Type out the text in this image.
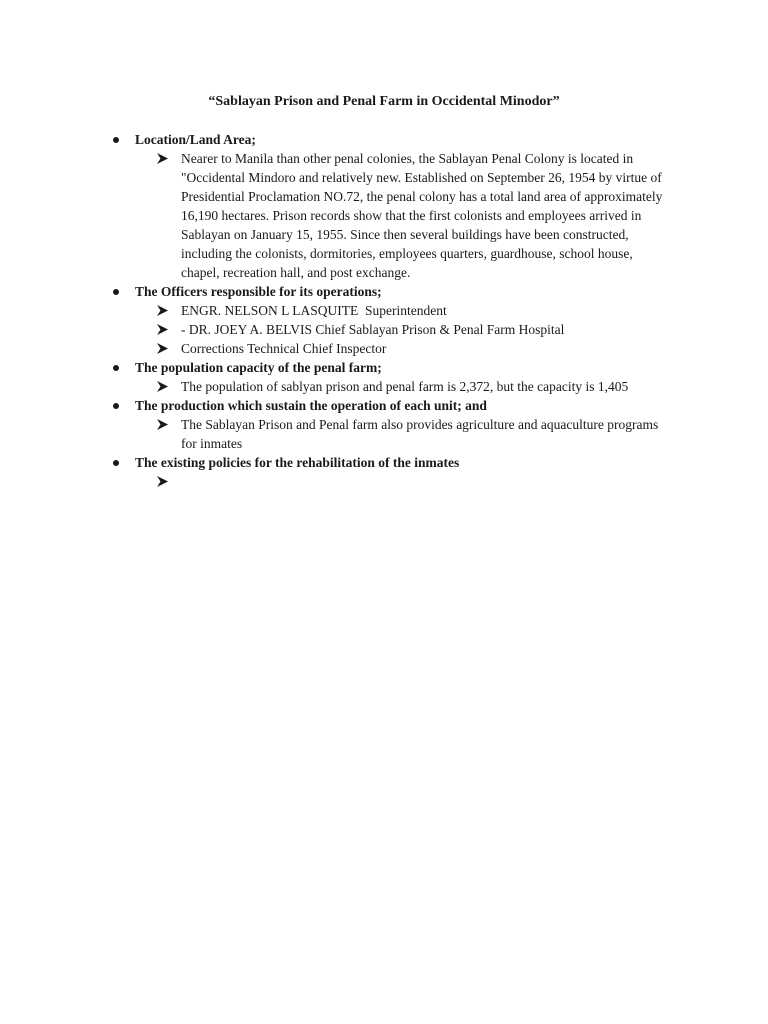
“Sablayan Prison and Penal Farm in Occidental Minodor”
Location/Land Area;
Nearer to Manila than other penal colonies, the Sablayan Penal Colony is located in "Occidental Mindoro and relatively new. Established on September 26, 1954 by virtue of Presidential Proclamation NO.72, the penal colony has a total land area of approximately 16,190 hectares. Prison records show that the first colonists and employees arrived in Sablayan on January 15, 1955. Since then several buildings have been constructed, including the colonists, dormitories, employees quarters, guardhouse, school house, chapel, recreation hall, and post exchange.
The Officers responsible for its operations;
ENGR. NELSON L LASQUITE  Superintendent
- DR. JOEY A. BELVIS Chief Sablayan Prison & Penal Farm Hospital
Corrections Technical Chief Inspector
The population capacity of the penal farm;
The population of sablyan prison and penal farm is 2,372, but the capacity is 1,405
The production which sustain the operation of each unit; and
The Sablayan Prison and Penal farm also provides agriculture and aquaculture programs for inmates
The existing policies for the rehabilitation of the inmates
